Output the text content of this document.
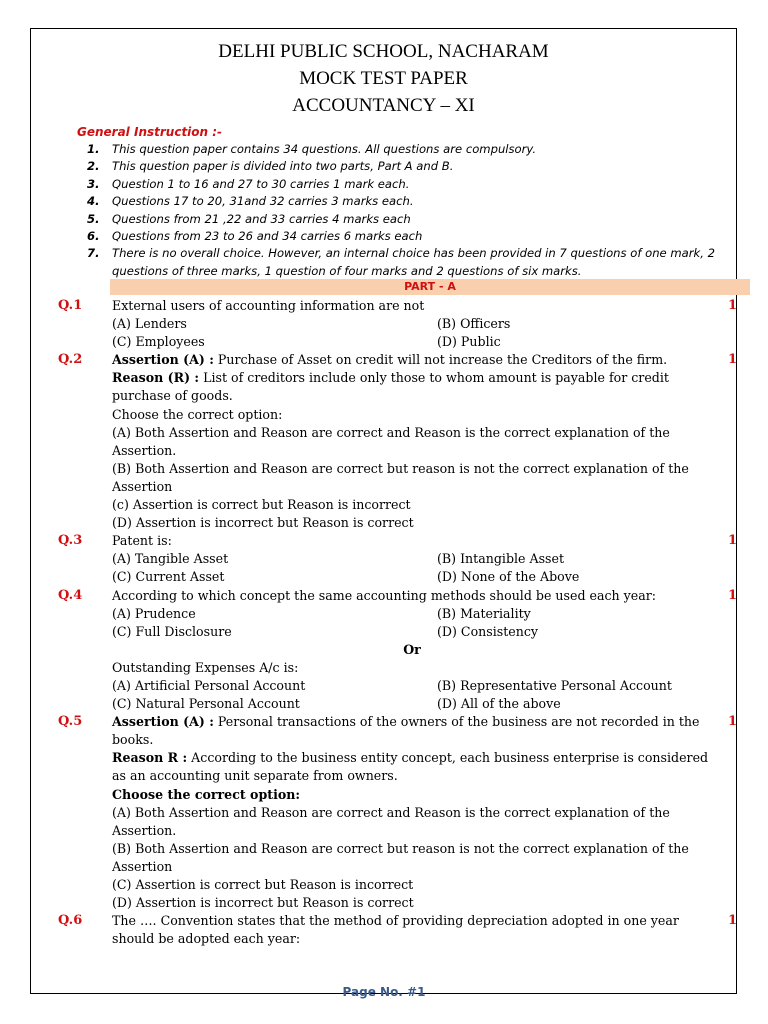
DELHI PUBLIC SCHOOL, NACHARAM
MOCK TEST PAPER
ACCOUNTANCY – XI
General Instruction :-
1. This question paper contains 34 questions. All questions are compulsory.
2. This question paper is divided into two parts, Part A and B.
3. Question 1 to 16 and 27 to 30 carries 1 mark each.
4. Questions 17 to 20, 31and 32 carries 3 marks each.
5. Questions from 21 ,22 and 33 carries 4 marks each
6. Questions from 23 to 26 and 34 carries 6 marks each
7. There is no overall choice. However, an internal choice has been provided in 7 questions of one mark, 2 questions of three marks, 1 question of four marks and 2 questions of six marks.
PART - A
Q.1	1
External users of accounting information are not
(A) Lenders	(B) Officers
(C) Employees	(D) Public
Q.2	1
Assertion (A) : Purchase of Asset on credit will not increase the Creditors of the firm.
Reason (R) : List of creditors include only those to whom amount is payable for credit purchase of goods.
Choose the correct option:
(A) Both Assertion and Reason are correct and Reason is the correct explanation of the Assertion.
(B) Both Assertion and Reason are correct but reason is not the correct explanation of the Assertion
(c) Assertion is correct but Reason is incorrect
(D) Assertion is incorrect but Reason is correct
Q.3	1
Patent is:
(A) Tangible Asset	(B) Intangible Asset
(C) Current Asset	(D) None of the Above
Q.4	1
According to which concept the same accounting methods should be used each year:
(A) Prudence	(B) Materiality
(C) Full Disclosure	(D) Consistency
Or
Outstanding Expenses A/c is:
(A) Artificial Personal Account	(B) Representative Personal Account
(C) Natural Personal Account	(D) All of the above
Q.5	1
Assertion (A) : Personal transactions of the owners of the business are not recorded in the books.
Reason R : According to the business entity concept, each business enterprise is considered as an accounting unit separate from owners.
Choose the correct option:
(A) Both Assertion and Reason are correct and Reason is the correct explanation of the Assertion.
(B) Both Assertion and Reason are correct but reason is not the correct explanation of the Assertion
(C) Assertion is correct but Reason is incorrect
(D) Assertion is incorrect but Reason is correct
Q.6	1
The …. Convention states that the method of providing depreciation adopted in one year should be adopted each year:
Page No. #1
